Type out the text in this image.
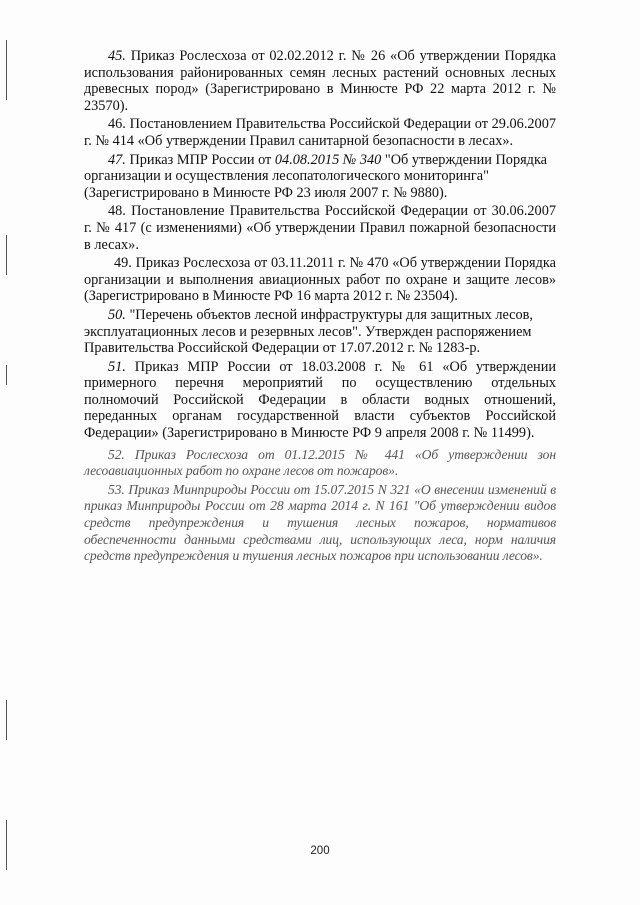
45. Приказ Рослесхоза от 02.02.2012 г. № 26 «Об утверждении Порядка использования районированных семян лесных растений основных лесных древесных пород» (Зарегистрировано в Минюсте РФ 22 марта 2012 г. № 23570).

46. Постановлением Правительства Российской Федерации от 29.06.2007 г. № 414 «Об утверждении Правил санитарной безопасности в лесах».

47. Приказ МПР России от 04.08.2015 № 340 "Об утверждении Порядка организации и осуществления лесопатологического мониторинга" (Зарегистрировано в Минюсте РФ 23 июля 2007 г. № 9880).

48. Постановление Правительства Российской Федерации от 30.06.2007 г. № 417 (с изменениями) «Об утверждении Правил пожарной безопасности в лесах».

49. Приказ Рослесхоза от 03.11.2011 г. № 470 «Об утверждении Порядка организации и выполнения авиационных работ по охране и защите лесов» (Зарегистрировано в Минюсте РФ 16 марта 2012 г. № 23504).

50. "Перечень объектов лесной инфраструктуры для защитных лесов, эксплуатационных лесов и резервных лесов". Утвержден распоряжением Правительства Российской Федерации от 17.07.2012 г. № 1283-р.

51. Приказ МПР России от 18.03.2008 г. № 61 «Об утверждении примерного перечня мероприятий по осуществлению отдельных полномочий Российской Федерации в области водных отношений, переданных органам государственной власти субъектов Российской Федерации» (Зарегистрировано в Минюсте РФ 9 апреля 2008 г. № 11499).

52. Приказ Рослесхоза от 01.12.2015 № 441 «Об утверждении зон лесоавиационных работ по охране лесов от пожаров».

53. Приказ Минприроды России от 15.07.2015 N 321 «О внесении изменений в приказ Минприроды России от 28 марта 2014 г. N 161 "Об утверждении видов средств предупреждения и тушения лесных пожаров, нормативов обеспеченности данными средствами лиц, использующих леса, норм наличия средств предупреждения и тушения лесных пожаров при использовании лесов».

200
